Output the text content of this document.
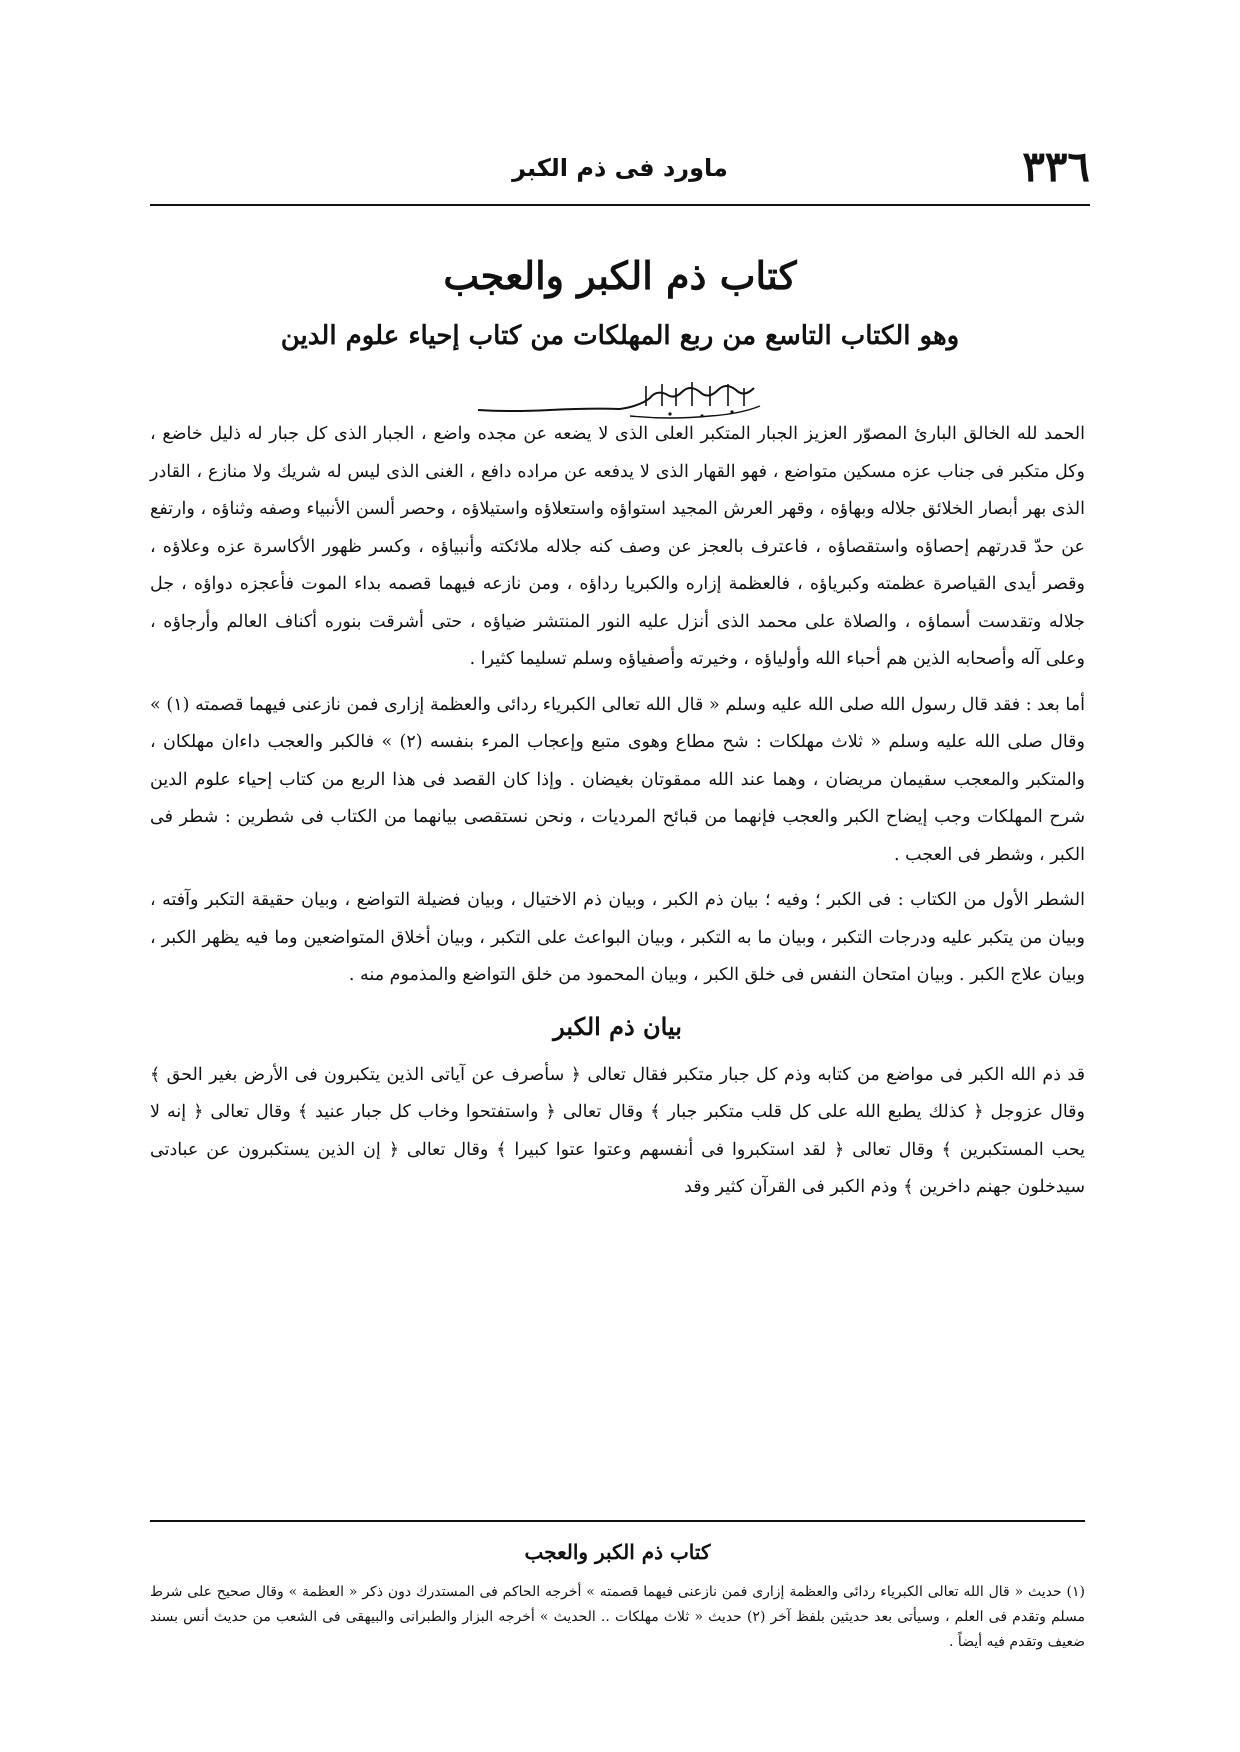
٣٣٦
ماورد فى ذم الكبر
كتاب ذم الكبر والعجب
وهو الكتاب التاسع من ربع المهلكات من كتاب إحياء علوم الدين

الحمد لله الخالق البارئ المصوّر العزيز الجبار المتكبر العلى الذى لا يضعه عن مجده واضع ، الجبار الذى كل جبار له ذليل خاضع ، وكل متكبر فى جناب عزه مسكين متواضع ، فهو القهار الذى لا يدفعه عن مراده دافع ، الغنى الذى ليس له شريك ولا منازع ، القادر الذى بهر أبصار الخلائق جلاله وبهاؤه ، وقهر العرش المجيد استواؤه واستعلاؤه واستيلاؤه ، وحصر ألسن الأنبياء وصفه وثناؤه ، وارتفع عن حدّ قدرتهم إحصاؤه واستقصاؤه ، فاعترف بالعجز عن وصف كنه جلاله ملائكته وأنبياؤه ، وكسر ظهور الأكاسرة عزه وعلاؤه ، وقصر أيدى القياصرة عظمته وكبرياؤه ، فالعظمة إزاره والكبريا رداؤه ، ومن نازعه فيهما قصمه بداء الموت فأعجزه دواؤه ، جل جلاله وتقدست أسماؤه ، والصلاة على محمد الذى أنزل عليه النور المنتشر ضياؤه ، حتى أشرقت بنوره أكناف العالم وأرجاؤه ، وعلى آله وأصحابه الذين هم أحباء الله وأولياؤه ، وخيرته وأصفياؤه وسلم تسليما كثيرا .

أما بعد : فقد قال رسول الله صلى الله عليه وسلم « قال الله تعالى الكبرياء ردائى والعظمة إزارى فمن نازعنى فيهما قصمته (١) » وقال صلى الله عليه وسلم « ثلاث مهلكات : شح مطاع وهوى متبع وإعجاب المرء بنفسه (٢) » فالكبر والعجب داءان مهلكان ، والمتكبر والمعجب سقيمان مريضان ، وهما عند الله ممقوتان بغيضان . وإذا كان القصد فى هذا الربع من كتاب إحياء علوم الدين شرح المهلكات وجب إيضاح الكبر والعجب فإنهما من قبائح المرديات ، ونحن نستقصى بيانهما من الكتاب فى شطرين : شطر فى الكبر ، وشطر فى العجب .

الشطر الأول من الكتاب : فى الكبر ؛ وفيه ؛ بيان ذم الكبر ، وبيان ذم الاختيال ، وبيان فضيلة التواضع ، وبيان حقيقة التكبر وآفته ، وبيان من يتكبر عليه ودرجات التكبر ، وبيان ما به التكبر ، وبيان البواعث على التكبر ، وبيان أخلاق المتواضعين وما فيه يظهر الكبر ، وبيان علاج الكبر . وبيان امتحان النفس فى خلق الكبر ، وبيان المحمود من خلق التواضع والمذموم منه .

بيان ذم الكبر

قد ذم الله الكبر فى مواضع من كتابه وذم كل جبار متكبر فقال تعالى ﴿ سأصرف عن آياتى الذين يتكبرون فى الأرض بغير الحق ﴾ وقال عزوجل ﴿ كذلك يطبع الله على كل قلب متكبر جبار ﴾ وقال تعالى ﴿ واستفتحوا وخاب كل جبار عنيد ﴾ وقال تعالى ﴿ إنه لا يحب المستكبرين ﴾ وقال تعالى ﴿ لقد استكبروا فى أنفسهم وعتوا عتوا كبيرا ﴾ وقال تعالى ﴿ إن الذين يستكبرون عن عبادتى سيدخلون جهنم داخرين ﴾ وذم الكبر فى القرآن كثير وقد

كتاب ذم الكبر والعجب

(١) حديث « قال الله تعالى الكبرياء ردائى والعظمة إزارى فمن نازعنى فيهما قصمته » أخرجه الحاكم فى المستدرك دون ذكر « العظمة » وقال صحيح على شرط مسلم وتقدم فى العلم ، وسيأتى بعد حديثين بلفظ آخر (٢) حديث « ثلاث مهلكات .. الحديث » أخرجه البزار والطبرانى والبيهقى فى الشعب من حديث أنس بسند ضعيف وتقدم فيه أيضاً .
